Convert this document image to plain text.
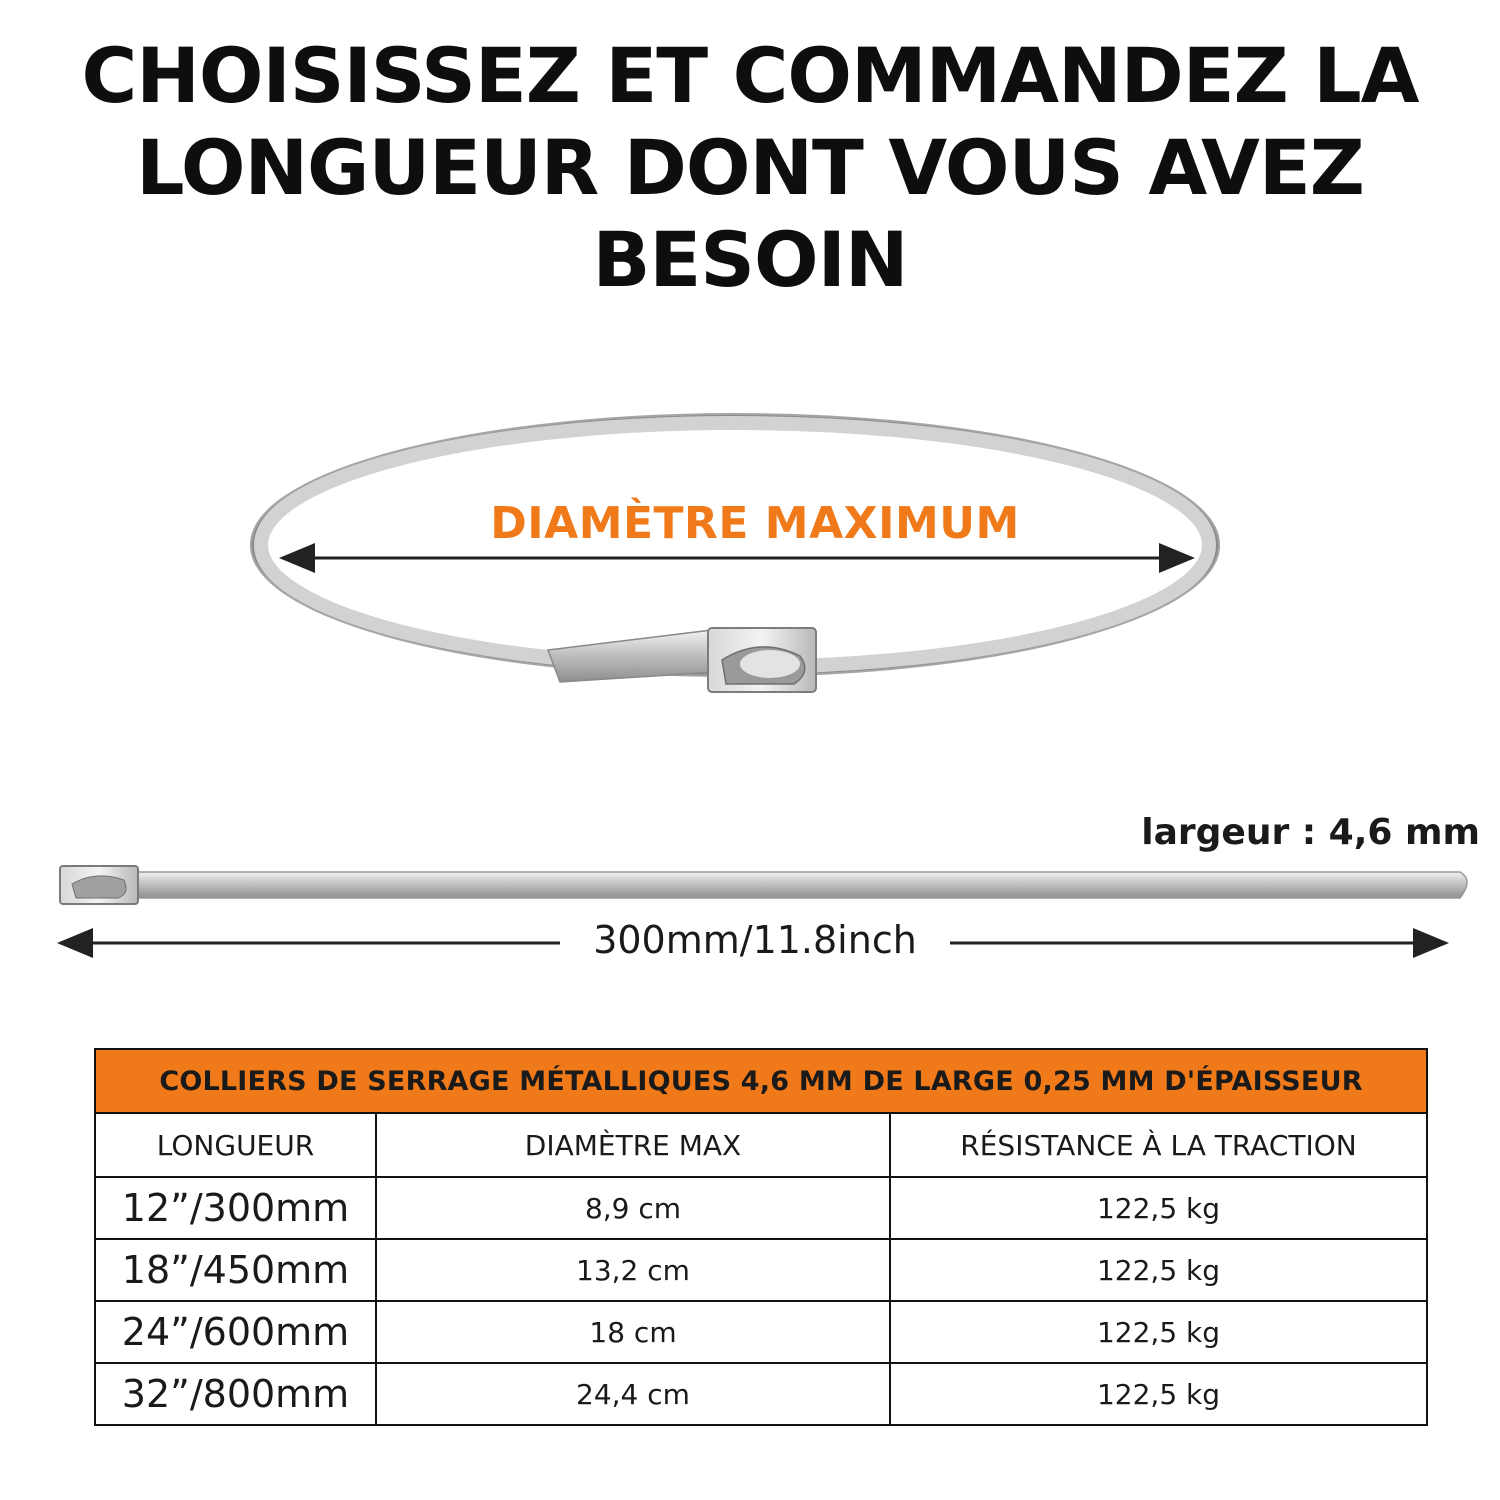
CHOISISSEZ ET COMMANDEZ LA
LONGUEUR DONT VOUS AVEZ BESOIN
DIAMÈTRE MAXIMUM
largeur : 4,6 mm
300mm/11.8inch
COLLIERS DE SERRAGE MÉTALLIQUES 4,6 MM DE LARGE 0,25 MM D'ÉPAISSEUR		
LONGUEUR	DIAMÈTRE MAX	RÉSISTANCE À LA TRACTION
12”/300mm	8,9 cm	122,5 kg
18”/450mm	13,2 cm	122,5 kg
24”/600mm	18 cm	122,5 kg
32”/800mm	24,4 cm	122,5 kg
